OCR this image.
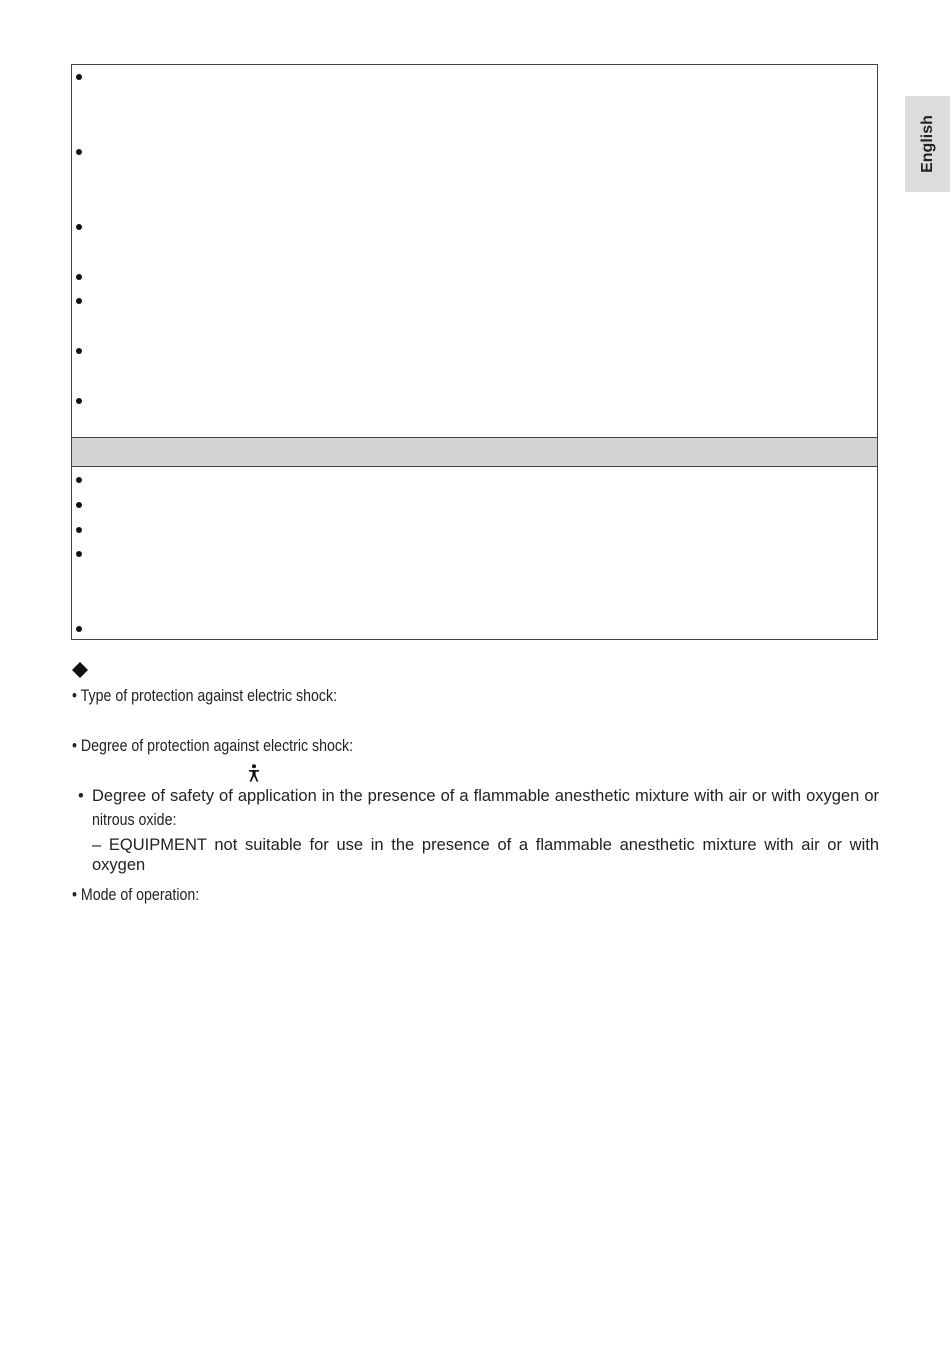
English
• Type of protection against electric shock:
• Degree of protection against electric shock:
• Degree of safety of application in the presence of a flammable anesthetic mixture with air or with oxygen or
nitrous oxide:
– EQUIPMENT not suitable for use in the presence of a flammable anesthetic mixture with air or with oxygen
• Mode of operation:
